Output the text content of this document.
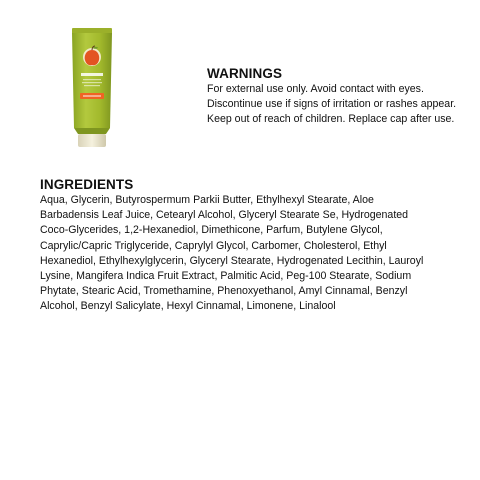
WARNINGS
For external use only. Avoid contact with eyes.
Discontinue use if signs of irritation or rashes appear.
Keep out of reach of children. Replace cap after use.
INGREDIENTS
Aqua, Glycerin, Butyrospermum Parkii Butter, Ethylhexyl Stearate, Aloe
Barbadensis Leaf Juice, Cetearyl Alcohol, Glyceryl Stearate Se, Hydrogenated
Coco-Glycerides, 1,2-Hexanediol, Dimethicone, Parfum, Butylene Glycol,
Caprylic/Capric Triglyceride, Caprylyl Glycol, Carbomer, Cholesterol, Ethyl
Hexanediol, Ethylhexylglycerin, Glyceryl Stearate, Hydrogenated Lecithin, Lauroyl
Lysine, Mangifera Indica Fruit Extract, Palmitic Acid, Peg-100 Stearate, Sodium
Phytate, Stearic Acid, Tromethamine, Phenoxyethanol, Amyl Cinnamal, Benzyl
Alcohol, Benzyl Salicylate, Hexyl Cinnamal, Limonene, Linalool
